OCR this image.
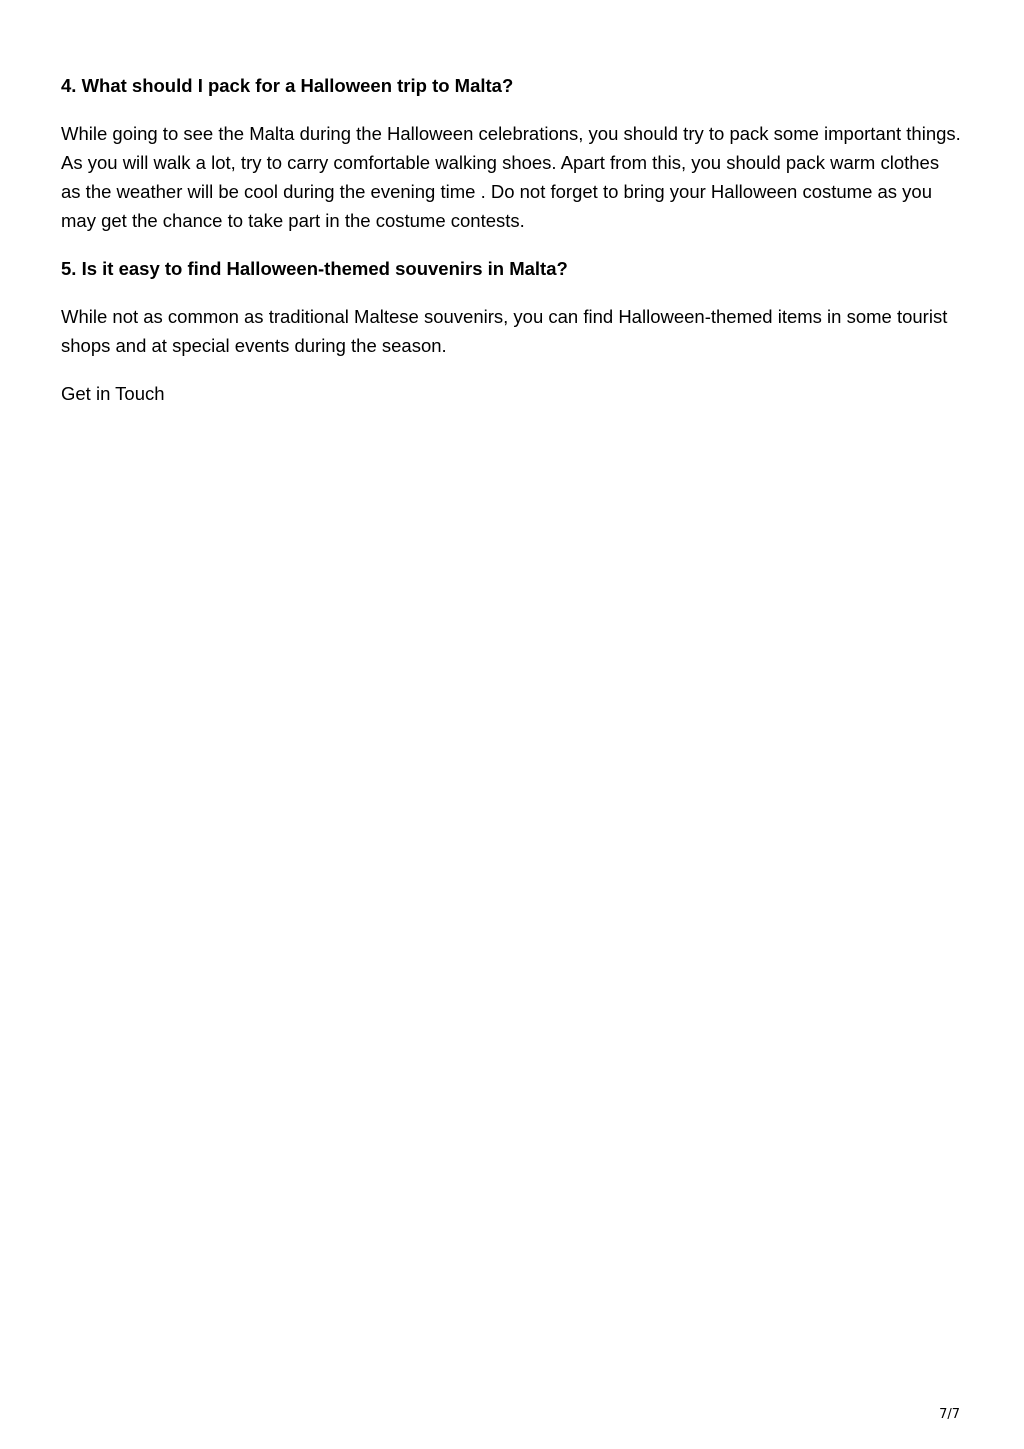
4. What should I pack for a Halloween trip to Malta?

While going to see the Malta during the Halloween celebrations, you should try to pack some important things. As you will walk a lot, try to carry comfortable walking shoes. Apart from this, you should pack warm clothes as the weather will be cool during the evening time . Do not forget to bring your Halloween costume as you may get the chance to take part in the costume contests.

5. Is it easy to find Halloween-themed souvenirs in Malta?

While not as common as traditional Maltese souvenirs, you can find Halloween-themed items in some tourist shops and at special events during the season.

Get in Touch

7/7
